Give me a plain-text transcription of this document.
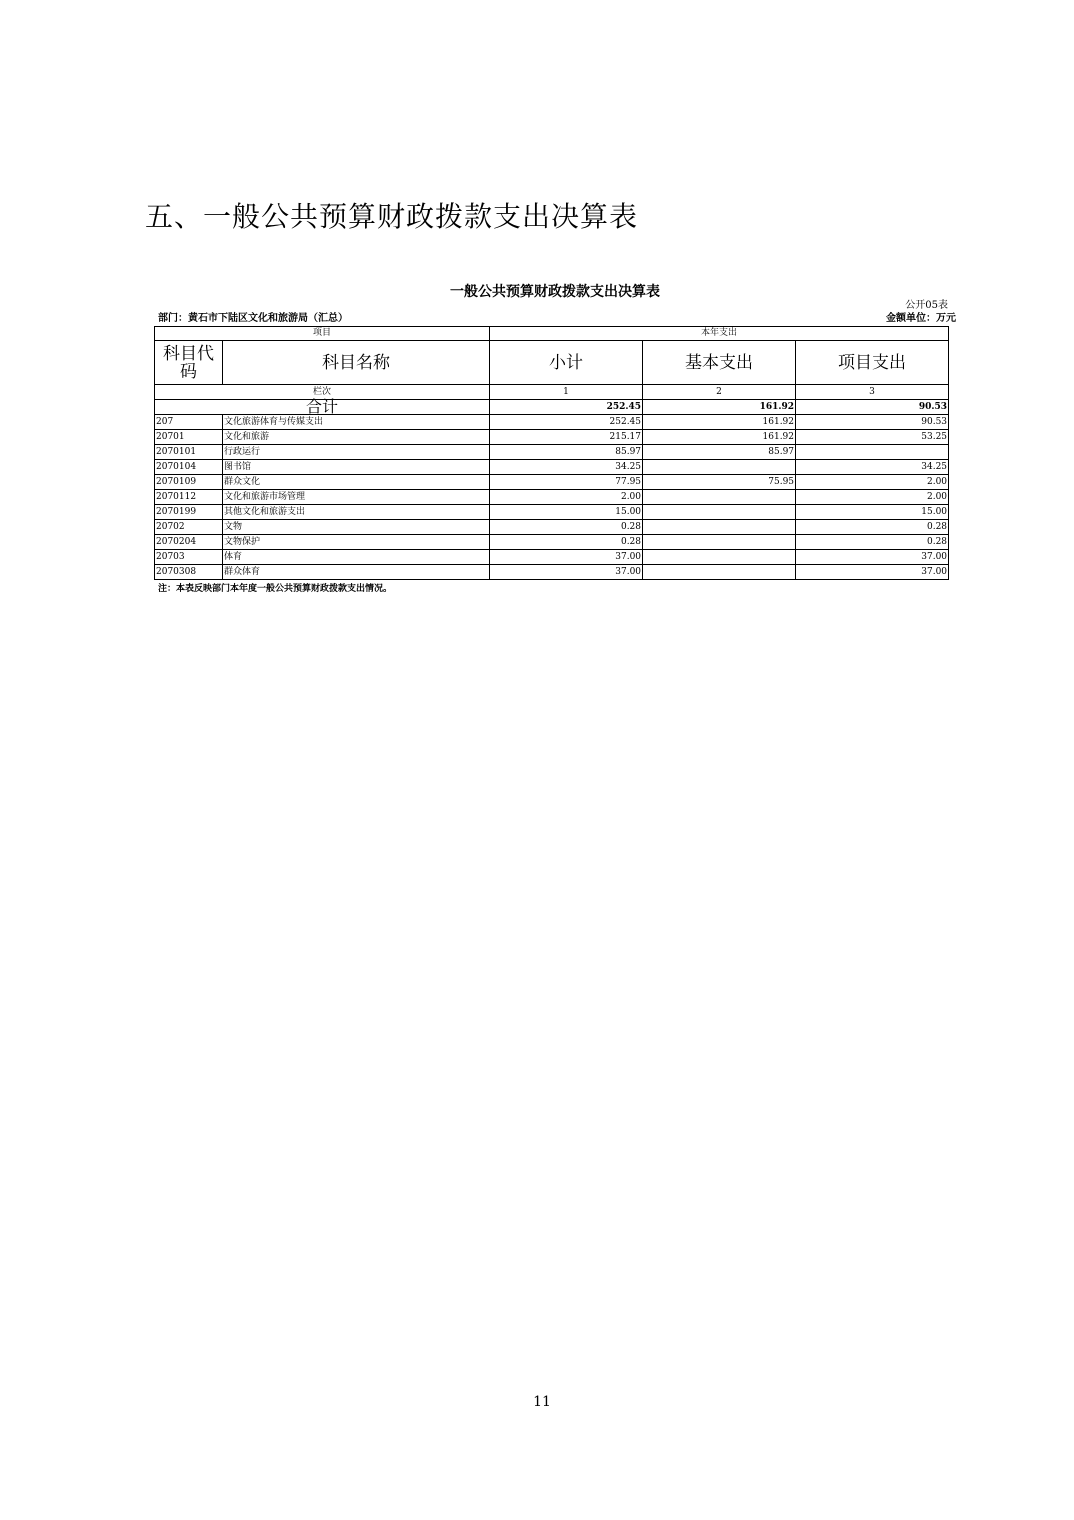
五、一般公共预算财政拨款支出决算表
一般公共预算财政拨款支出决算表
公开05表
部门：黄石市下陆区文化和旅游局（汇总）	金额单位：万元
项目		本年支出		
科目代码	科目名称	小计	基本支出	项目支出
栏次		1	2	3
合计		252.45	161.92	90.53
207	文化旅游体育与传媒支出	252.45	161.92	90.53
20701	文化和旅游	215.17	161.92	53.25
2070101	行政运行	85.97	85.97	
2070104	图书馆	34.25		34.25
2070109	群众文化	77.95	75.95	2.00
2070112	文化和旅游市场管理	2.00		2.00
2070199	其他文化和旅游支出	15.00		15.00
20702	文物	0.28		0.28
2070204	文物保护	0.28		0.28
20703	体育	37.00		37.00
2070308	群众体育	37.00		37.00
注：本表反映部门本年度一般公共预算财政拨款支出情况。
11
